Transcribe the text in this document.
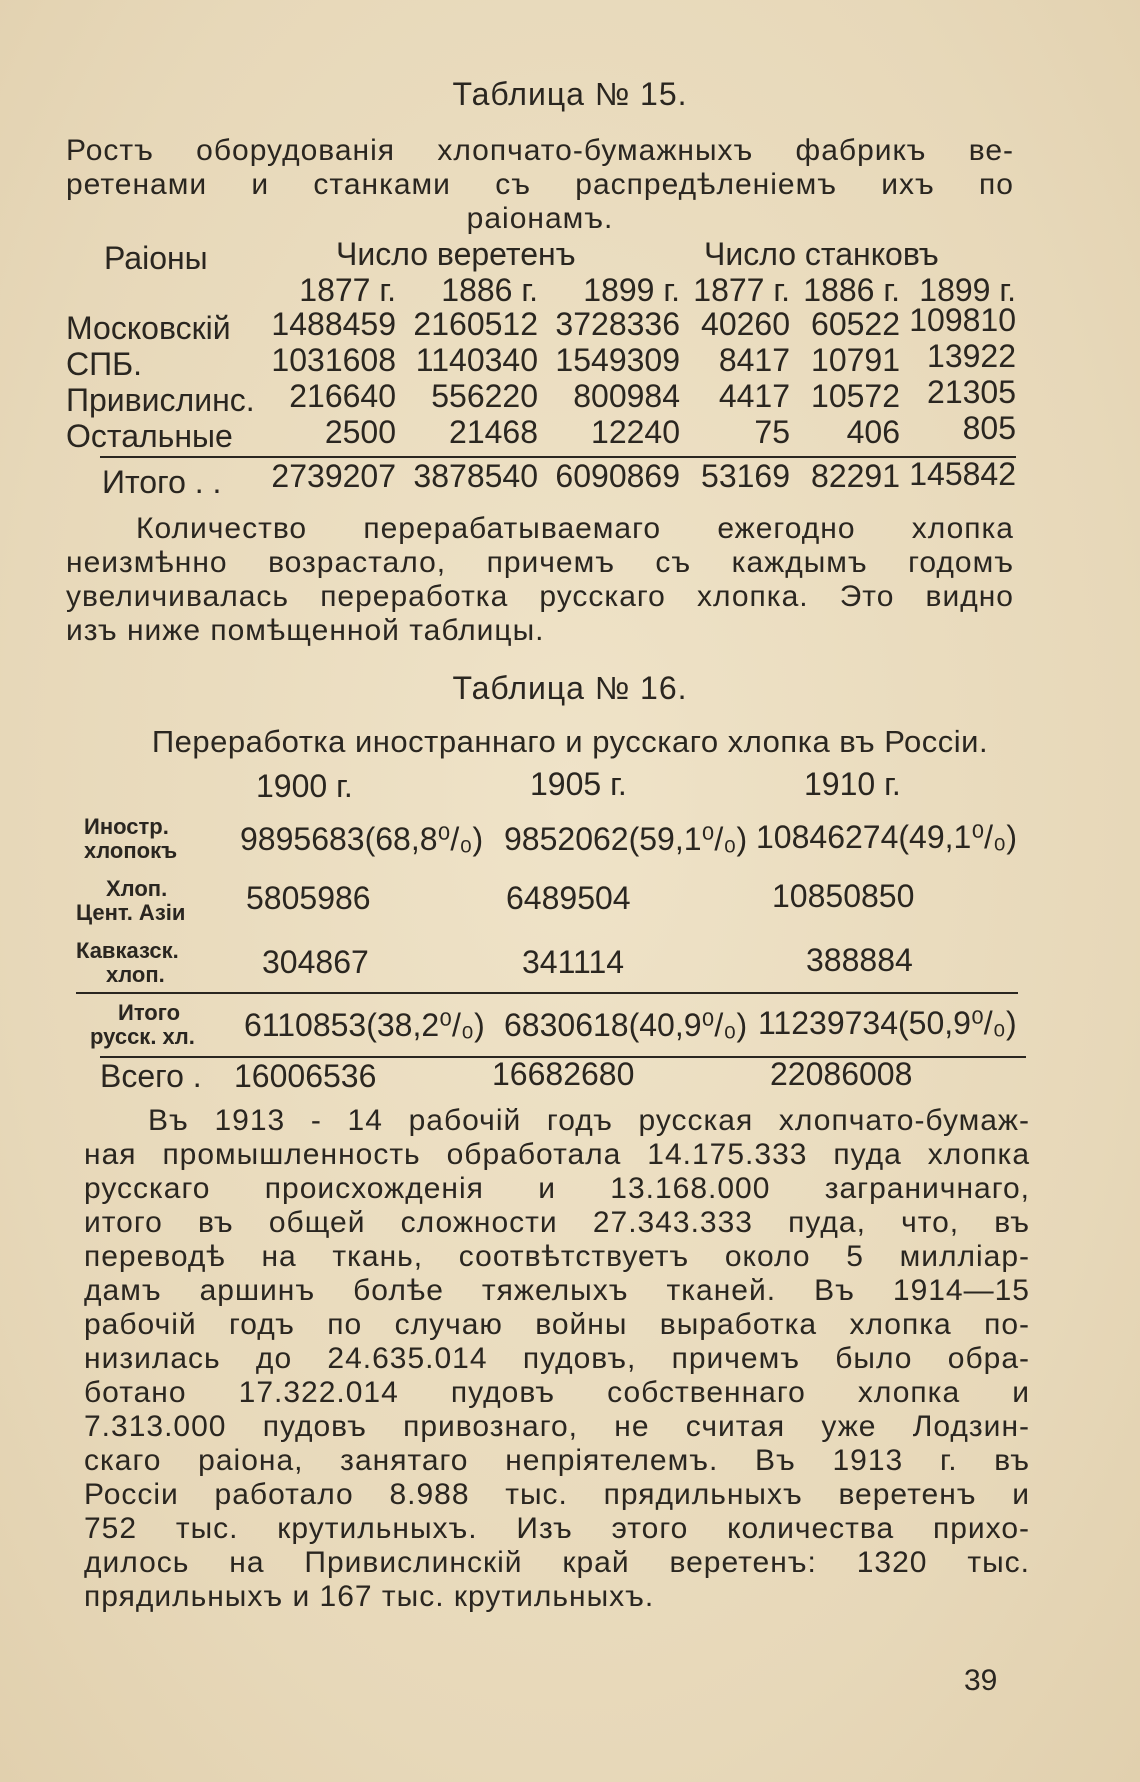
Таблица № 15.
Ростъ оборудованія хлопчато-бумажныхъ фабрикъ ве-
ретенами и станками съ распредѣленіемъ ихъ по
раіонамъ.
Раіоны	Число веретенъ	Число станковъ
1877 г.	1886 г.	1899 г. 1877 г. 1886 г. 1899 г.
Московскій	1488459 2160512 3728336 40260 60522 109810
СПБ.	1031608 1140340 1549309	8417 10791 13922
Привислинс.	216640	556220	800984	4417 10572 21305
Остальные	2500	21468	12240	75	406	805
Итого . .	2739207 3878540 6090869 53169 82291 145842
Количество перерабатываемаго ежегодно хлопка
неизмѣнно возрастало, причемъ съ каждымъ годомъ
увеличивалась переработка русскаго хлопка. Это видно
изъ ниже помѣщенной таблицы.
Таблица № 16.
Переработка иностраннаго и русскаго хлопка въ Россіи.
1900 г.	1905 г.	1910 г.
Иностр.
хлопокъ 9895683(68,8⁰/₀) 9852062(59,1⁰/₀) 10846274(49,1⁰/₀)
Хлоп.
Цент. Азіи 5805986	6489504	10850850
Кавказск.
хлоп.	304867	341114	388884
Итого
русск. хл. 6110853(38,2⁰/₀) 6830618(40,9⁰/₀) 11239734(50,9⁰/₀)
Всего . 16006536	16682680	22086008
Въ 1913 - 14 рабочій годъ русская хлопчато-бумаж-
ная промышленность обработала 14.175.333 пуда хлопка
русскаго происхожденія и 13.168.000 заграничнаго,
итого въ общей сложности 27.343.333 пуда, что, въ
переводѣ на ткань, соотвѣтствуетъ около 5 милліар-
дамъ аршинъ болѣе тяжелыхъ тканей. Въ 1914—15
рабочій годъ по случаю войны выработка хлопка по-
низилась до 24.635.014 пудовъ, причемъ было обра-
ботано 17.322.014 пудовъ собственнаго хлопка и
7.313.000 пудовъ привознаго, не считая уже Лодзин-
скаго раіона, занятаго непріятелемъ. Въ 1913 г. въ
Россіи работало 8.988 тыс. прядильныхъ веретенъ и
752 тыс. крутильныхъ. Изъ этого количества прихо-
дилось на Привислинскій край веретенъ: 1320 тыс.
прядильныхъ и 167 тыс. крутильныхъ.
39
